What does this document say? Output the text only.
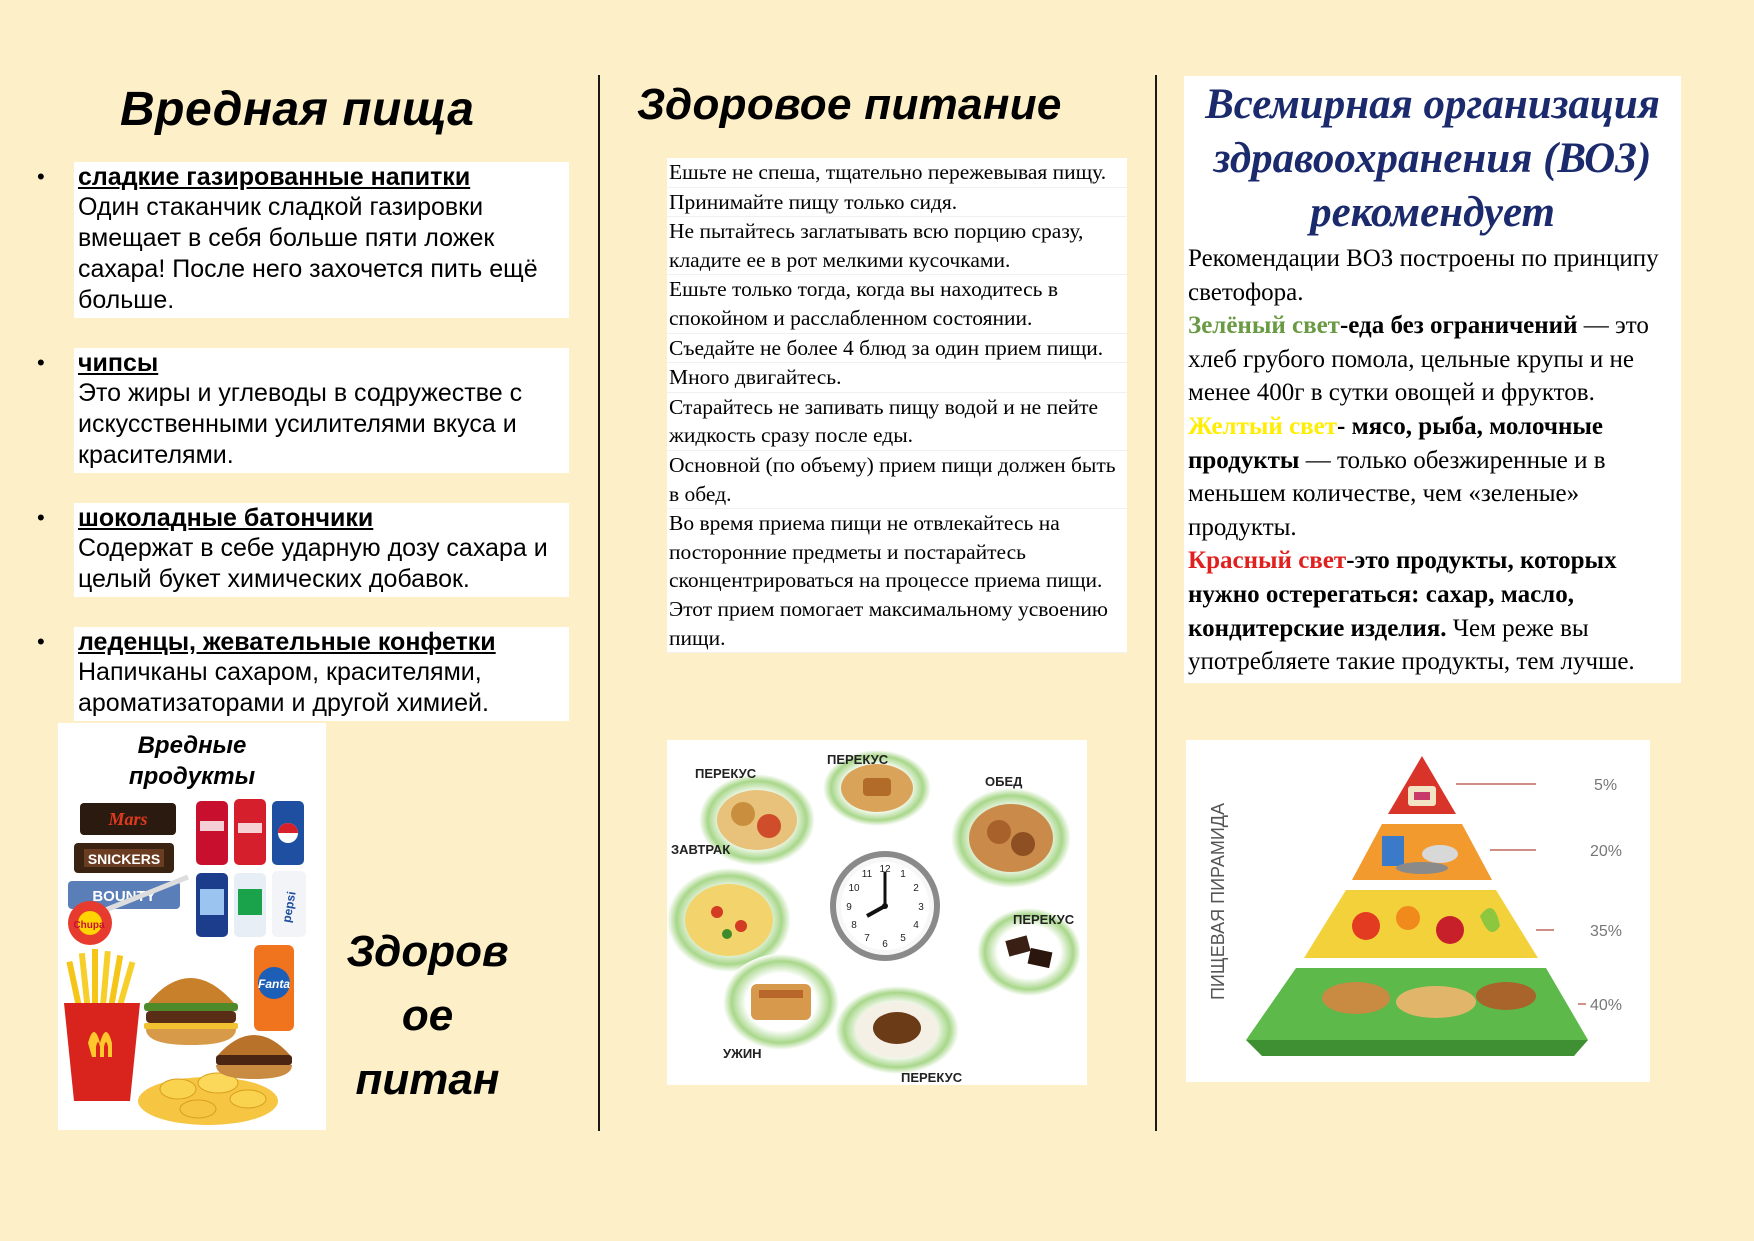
Вредная пища
•	сладкие газированные напитки
Один стаканчик сладкой газировки вмещает в себя больше пяти ложек сахара! После него захочется пить ещё больше.
•	чипсы
Это жиры и углеводы в содружестве с искусственными усилителями вкуса и красителями.
•	шоколадные батончики
Содержат в себе ударную дозу сахара и целый букет химических добавок.
•	леденцы, жевательные конфетки
Напичканы сахаром, красителями, ароматизаторами и другой химией.
Вредные
продукты
Mars
SNICKERS
BOUNTY	pepsi
Chupa
Fanta
Здоров
ое
питан
Здоровое питание

Ешьте не спеша, тщательно пережевывая пищу.

Принимайте пищу только сидя.

Не пытайтесь заглатывать всю порцию сразу, кладите ее в рот мелкими кусочками.

Ешьте только тогда, когда вы находитесь в спокойном и расслабленном состоянии.

Съедайте не более 4 блюд за один прием пищи.

Много двигайтесь.

Старайтесь не запивать пищу водой и не пейте жидкость сразу после еды.

Основной (по объему) прием пищи должен быть в обед.

Во время приема пищи не отвлекайтесь на посторонние предметы и постарайтесь сконцентрироваться на процессе приема пищи. Этот прием помогает максимальному усвоению пищи.

12 1
2
3
4
5
6
7
8
9
10
11
ПЕРЕКУС
ПЕРЕКУС
ОБЕД
ЗАВТРАК
ПЕРЕКУС
УЖИН
ПЕРЕКУС
Всемирная организация здравоохранения (ВОЗ) рекомендует
Рекомендации ВОЗ построены по принципу светофора.
Зелёный свет-еда без ограничений — это хлеб грубого помола, цельные крупы и не менее 400г в сутки овощей и фруктов.
Желтый свет- мясо, рыба, молочные продукты — только обезжиренные и в меньшем количестве, чем «зеленые» продукты.
Красный свет-это продукты, которых нужно остерегаться: сахар, масло, кондитерские изделия. Чем реже вы употребляете такие продукты, тем лучше.
ПИЩЕВАЯ ПИРАМИДА
5%
20%
35%
40%
